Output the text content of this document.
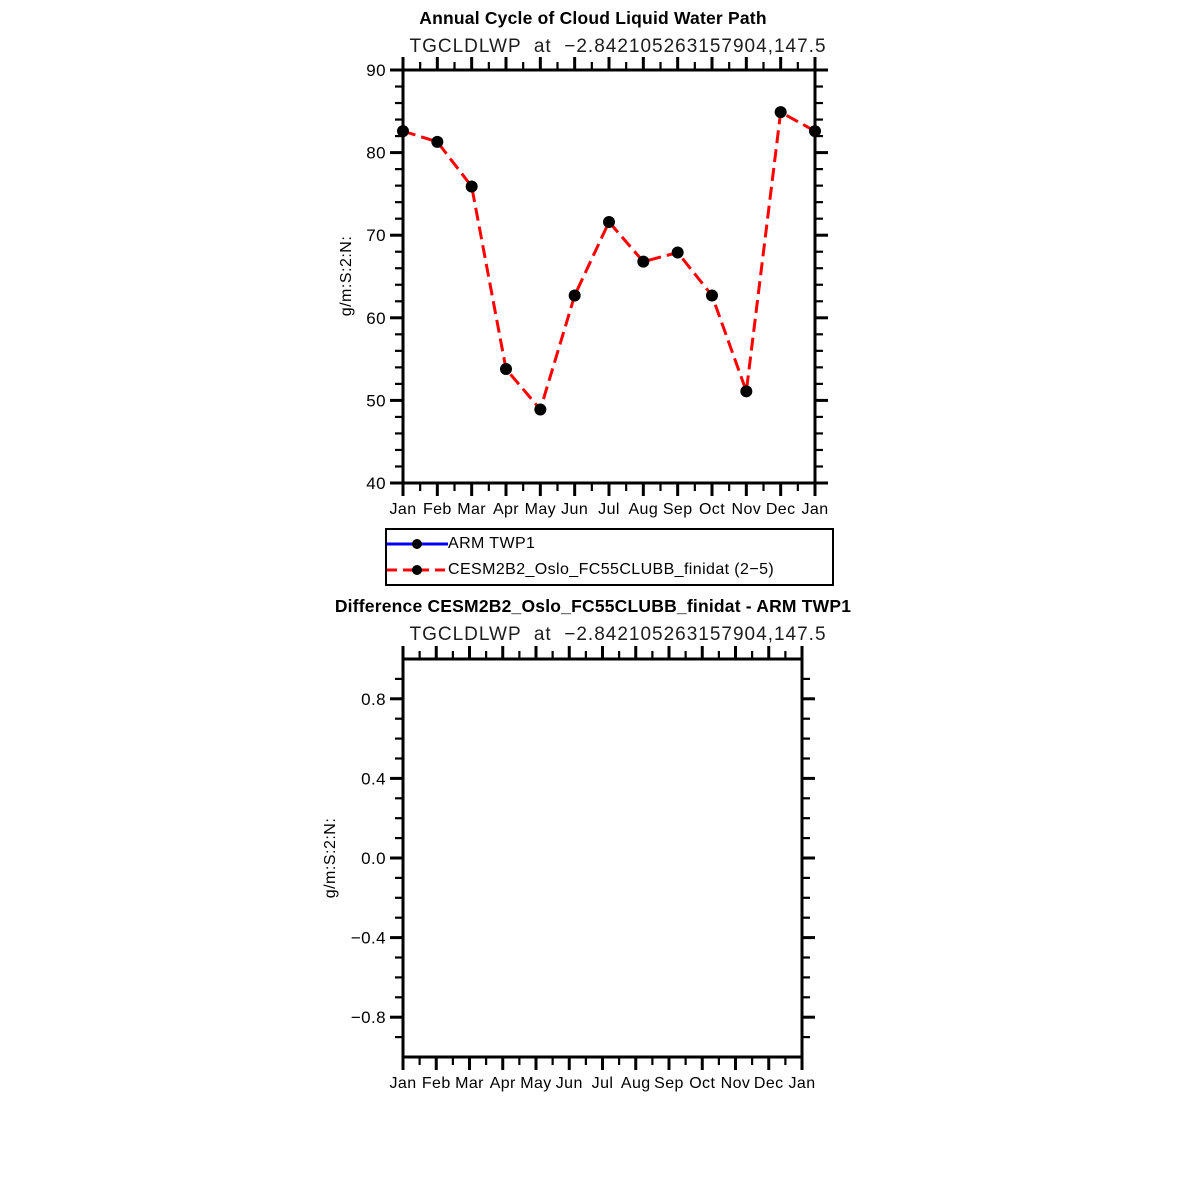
Annual Cycle of Cloud Liquid Water Path
TGCLDLWP  at  −2.842105263157904,147.5
g/m:S:2:N:
Jan Feb Mar Apr May Jun Jul Aug Sep Oct Nov Dec Jan
40
50
60
70
80
90
ARM TWP1
CESM2B2_Oslo_FC55CLUBB_finidat (2−5)
Difference CESM2B2_Oslo_FC55CLUBB_finidat - ARM TWP1
TGCLDLWP  at  −2.842105263157904,147.5
g/m:S:2:N:
Jan Feb Mar Apr May Jun Jul Aug Sep Oct Nov Dec Jan
−0.8
−0.4
0.0
0.4
0.8
